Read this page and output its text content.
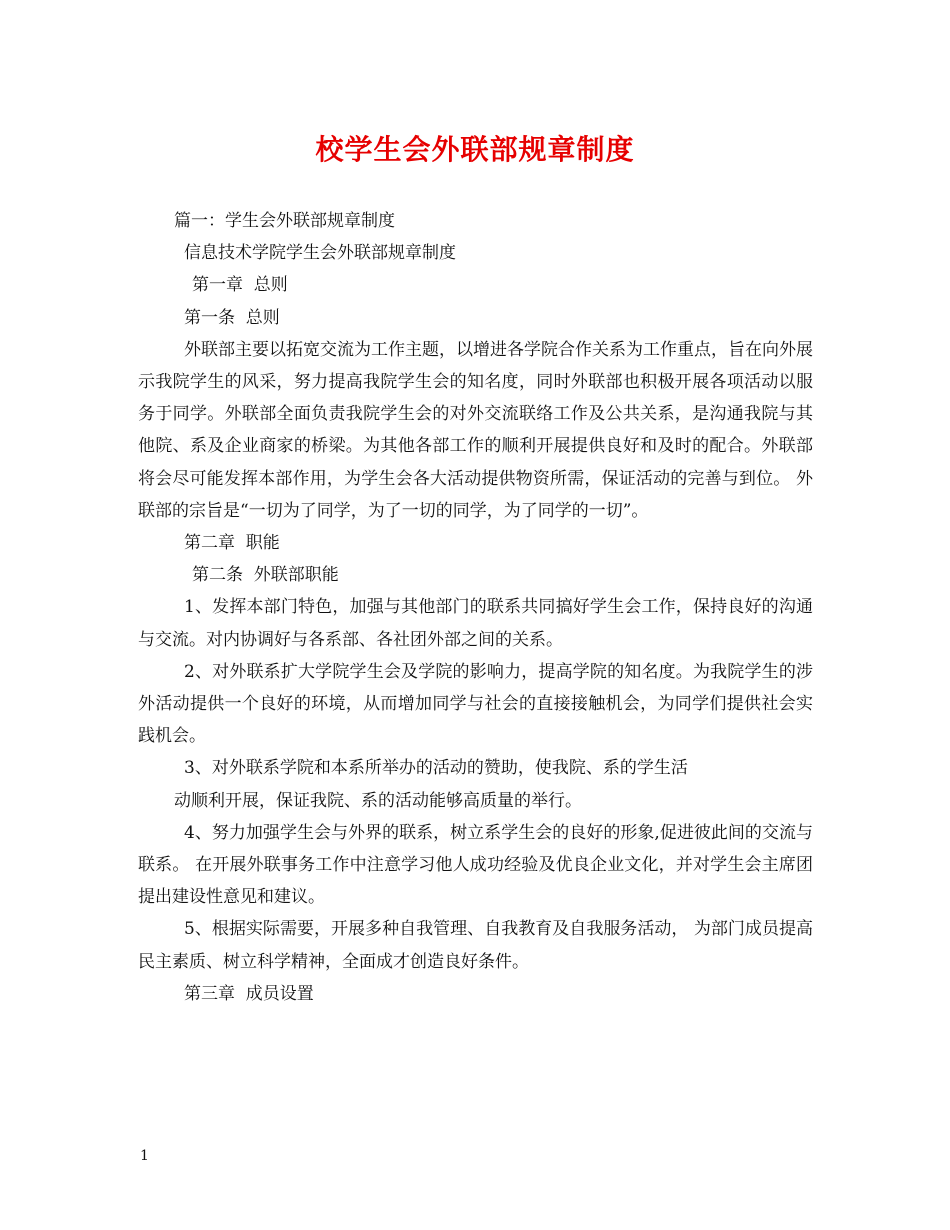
校学生会外联部规章制度
篇一：学生会外联部规章制度
信息技术学院学生会外联部规章制度
第一章  总则
第一条  总则

外联部主要以拓宽交流为工作主题，以增进各学院合作关系为工作重点，旨在向外展示我院学生的风采，努力提高我院学生会的知名度，同时外联部也积极开展各项活动以服务于同学。外联部全面负责我院学生会的对外交流联络工作及公共关系，是沟通我院与其他院、系及企业商家的桥梁。为其他各部工作的顺利开展提供良好和及时的配合。外联部将会尽可能发挥本部作用，为学生会各大活动提供物资所需，保证活动的完善与到位。 外联部的宗旨是“一切为了同学，为了一切的同学，为了同学的一切”。

第二章  职能
第二条  外联部职能

1、发挥本部门特色，加强与其他部门的联系共同搞好学生会工作，保持良好的沟通与交流。对内协调好与各系部、各社团外部之间的关系。

2、对外联系扩大学院学生会及学院的影响力，提高学院的知名度。为我院学生的涉外活动提供一个良好的环境，从而增加同学与社会的直接接触机会，为同学们提供社会实践机会。

3、对外联系学院和本系所举办的活动的赞助，使我院、系的学生活
动顺利开展，保证我院、系的活动能够高质量的举行。

4、努力加强学生会与外界的联系，树立系学生会的良好的形象,促进彼此间的交流与联系。 在开展外联事务工作中注意学习他人成功经验及优良企业文化，并对学生会主席团提出建设性意见和建议。

5、根据实际需要，开展多种自我管理、自我教育及自我服务活动， 为部门成员提高民主素质、树立科学精神，全面成才创造良好条件。

第三章  成员设置
1
